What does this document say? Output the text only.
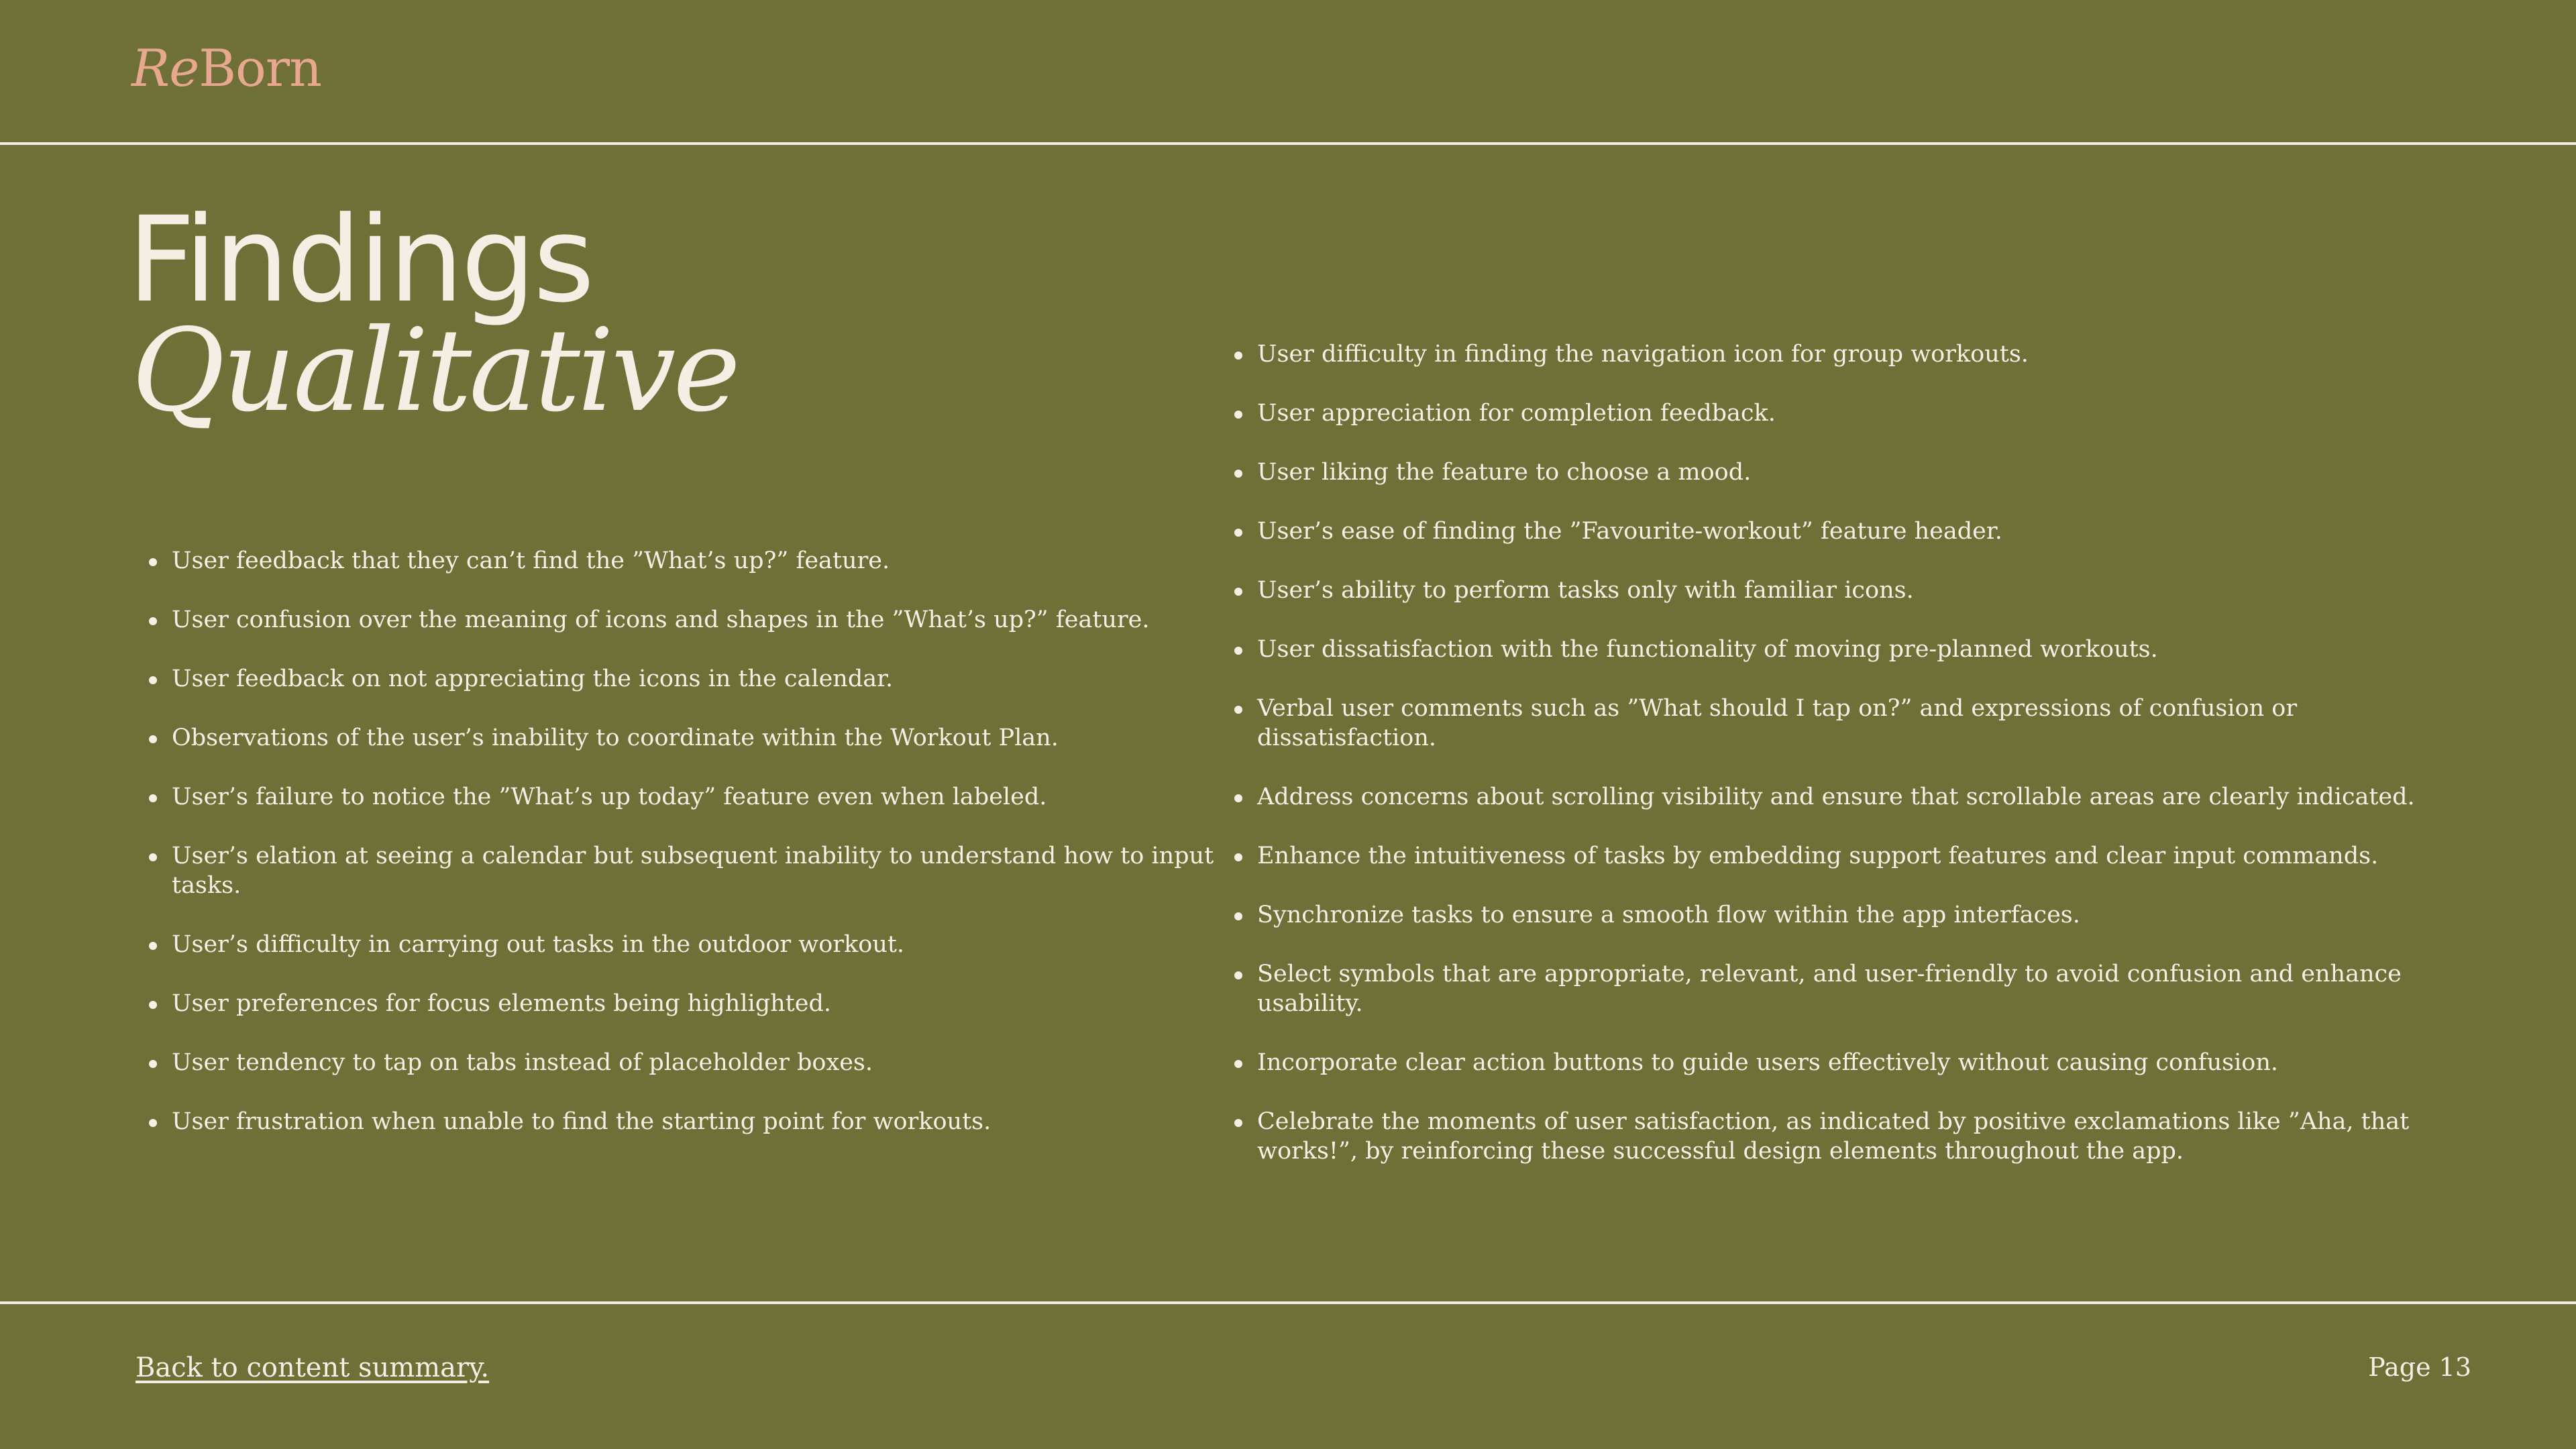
ReBorn
Findings
Qualitative
User feedback that they can’t find the ”What’s up?” feature.
User confusion over the meaning of icons and shapes in the ”What’s up?” feature.
User feedback on not appreciating the icons in the calendar.
Observations of the user’s inability to coordinate within the Workout Plan.
User’s failure to notice the ”What’s up today” feature even when labeled.
User’s elation at seeing a calendar but subsequent inability to understand how to input tasks.
User’s difficulty in carrying out tasks in the outdoor workout.
User preferences for focus elements being highlighted.
User tendency to tap on tabs instead of placeholder boxes.
User frustration when unable to find the starting point for workouts.
User difficulty in finding the navigation icon for group workouts.
User appreciation for completion feedback.
User liking the feature to choose a mood.
User’s ease of finding the ”Favourite-workout” feature header.
User’s ability to perform tasks only with familiar icons.
User dissatisfaction with the functionality of moving pre-planned workouts.
Verbal user comments such as ”What should I tap on?” and expressions of confusion or dissatisfaction.
Address concerns about scrolling visibility and ensure that scrollable areas are clearly indicated.
Enhance the intuitiveness of tasks by embedding support features and clear input commands.
Synchronize tasks to ensure a smooth flow within the app interfaces.
Select symbols that are appropriate, relevant, and user-friendly to avoid confusion and enhance usability.
Incorporate clear action buttons to guide users effectively without causing confusion.
Celebrate the moments of user satisfaction, as indicated by positive exclamations like ”Aha, that works!”, by reinforcing these successful design elements throughout the app.
Back to content summary.	Page 13
